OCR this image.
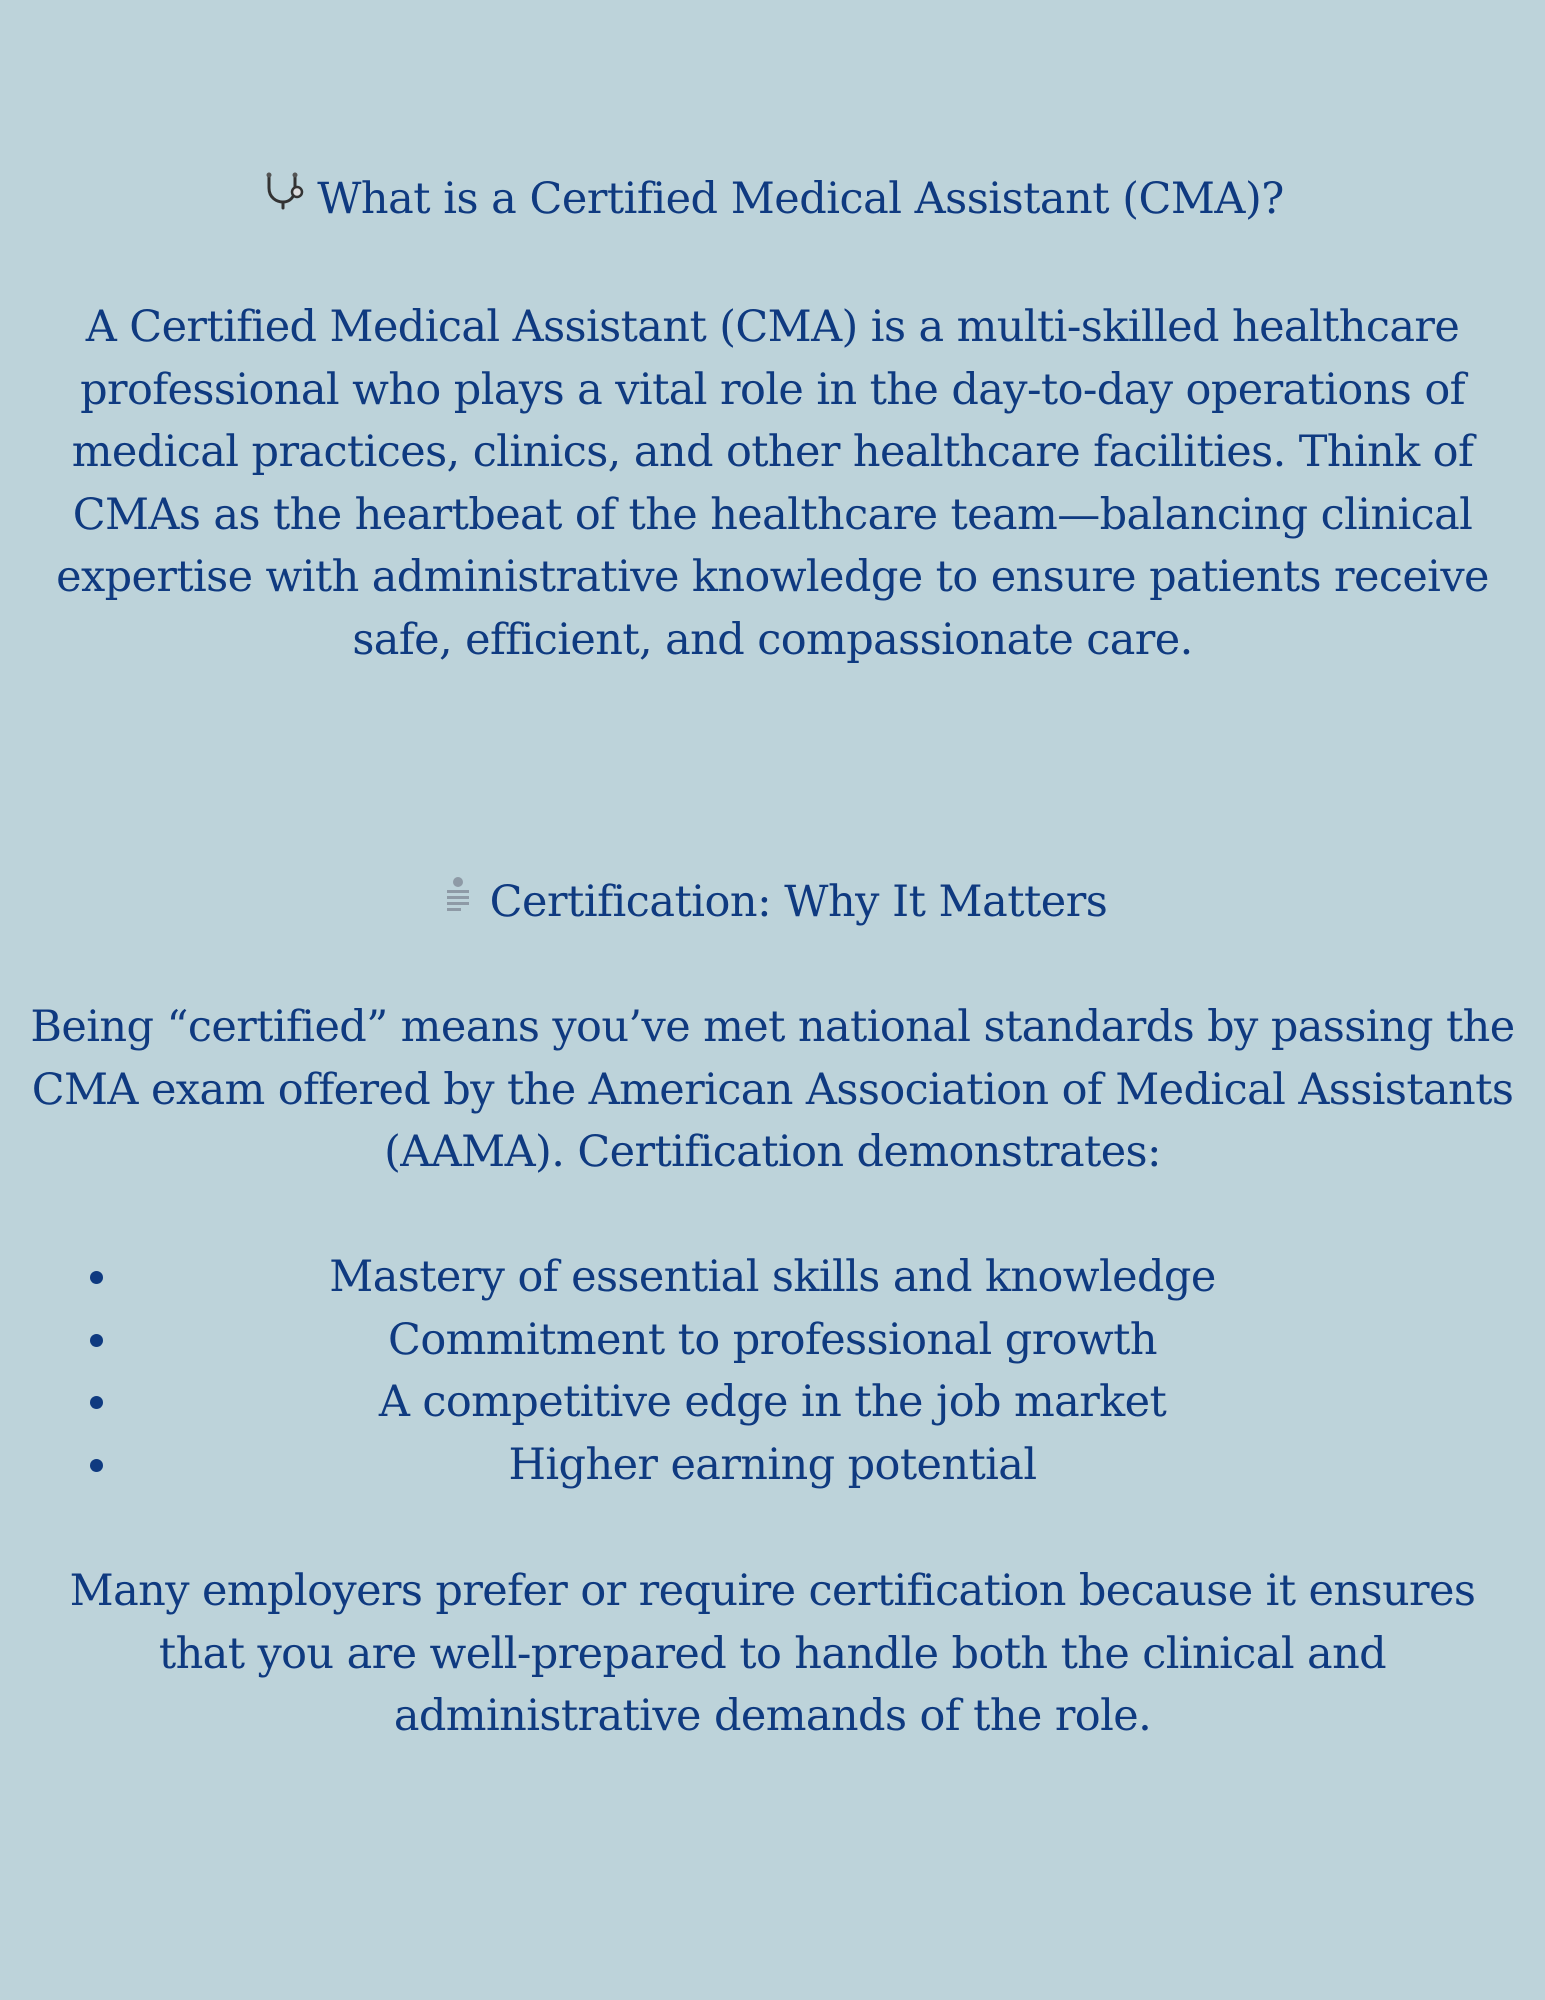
What is a Certified Medical Assistant (CMA)?

A Certified Medical Assistant (CMA) is a multi-skilled healthcare professional who plays a vital role in the day-to-day operations of medical practices, clinics, and other healthcare facilities. Think of CMAs as the heartbeat of the healthcare team—balancing clinical expertise with administrative knowledge to ensure patients receive safe, efficient, and compassionate care.

Certification: Why It Matters

Being “certified” means you’ve met national standards by passing the CMA exam offered by the American Association of Medical Assistants (AAMA). Certification demonstrates:

Mastery of essential skills and knowledge
Commitment to professional growth
A competitive edge in the job market
Higher earning potential

Many employers prefer or require certification because it ensures that you are well-prepared to handle both the clinical and administrative demands of the role.
